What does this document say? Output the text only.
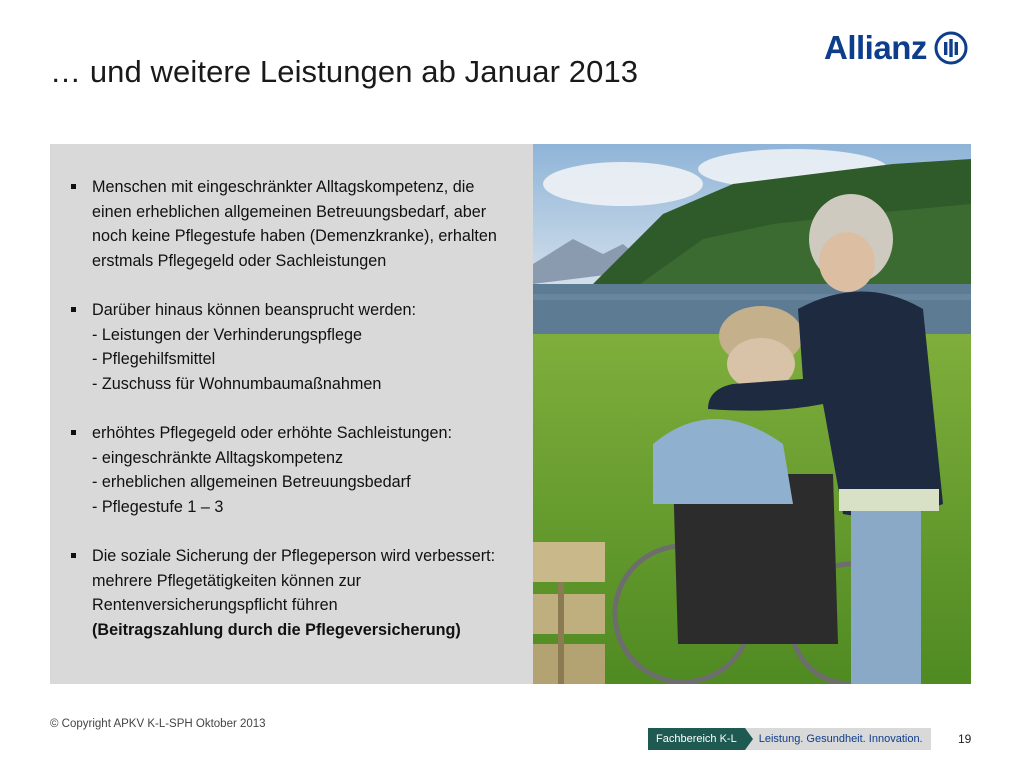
… und weitere Leistungen ab Januar 2013
Allianz
Menschen mit eingeschränkter Alltagskompetenz, die
einen erheblichen allgemeinen Betreuungsbedarf, aber
noch keine Pflegestufe haben (Demenzkranke), erhalten
erstmals Pflegegeld oder Sachleistungen
Darüber hinaus können beansprucht werden:
- Leistungen der Verhinderungspflege
- Pflegehilfsmittel
- Zuschuss für Wohnumbaumaßnahmen
erhöhtes Pflegegeld oder erhöhte Sachleistungen:
- eingeschränkte Alltagskompetenz
- erheblichen allgemeinen Betreuungsbedarf
- Pflegestufe 1 – 3
Die soziale Sicherung der Pflegeperson wird verbessert:
mehrere Pflegetätigkeiten können zur
Rentenversicherungspflicht führen
(Beitragszahlung durch die Pflegeversicherung)
© Copyright APKV K-L-SPH Oktober 2013
Fachbereich K-L	Leistung. Gesundheit. Innovation.	19
